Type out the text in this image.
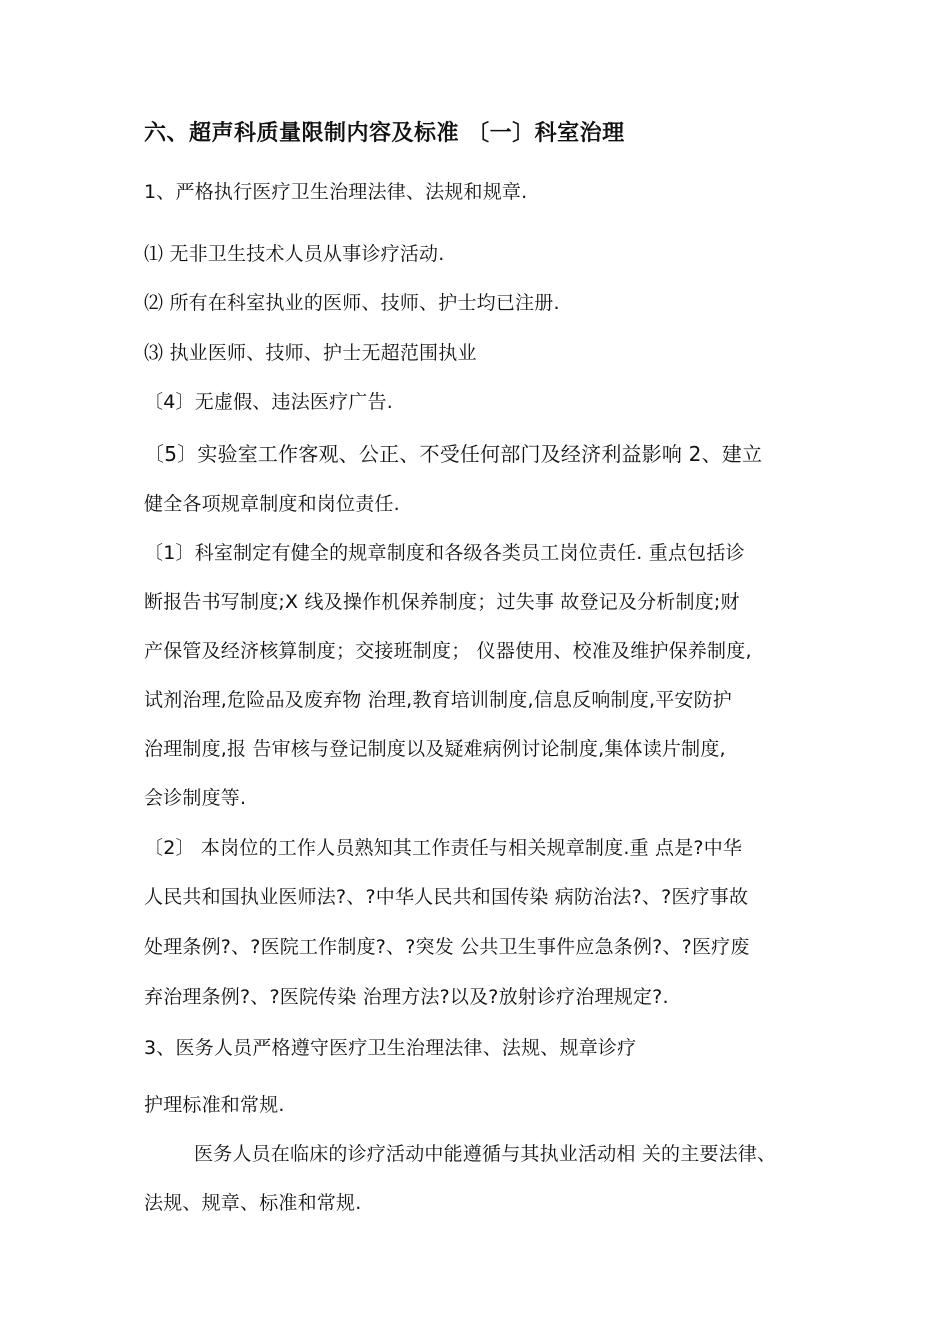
六、超声科质量限制内容及标准 〔一〕科室治理
1、严格执行医疗卫生治理法律、法规和规章.
⑴ 无非卫生技术人员从事诊疗活动.
⑵ 所有在科室执业的医师、技师、护士均已注册.
⑶ 执业医师、技师、护士无超范围执业
〔4〕无虚假、违法医疗广告.
〔5〕实验室工作客观、公正、不受任何部门及经济利益影响 2、建立
健全各项规章制度和岗位责任.
〔1〕科室制定有健全的规章制度和各级各类员工岗位责任. 重点包括诊
断报告书写制度;X 线及操作机保养制度；过失事 故登记及分析制度;财
产保管及经济核算制度；交接班制度； 仪器使用、校准及维护保养制度,
试剂治理,危险品及废弃物 治理,教育培训制度,信息反响制度,平安防护
治理制度,报 告审核与登记制度以及疑难病例讨论制度,集体读片制度,
会诊制度等.
〔2〕 本岗位的工作人员熟知其工作责任与相关规章制度.重 点是?中华
人民共和国执业医师法?、?中华人民共和国传染 病防治法?、?医疗事故
处理条例?、?医院工作制度?、?突发 公共卫生事件应急条例?、?医疗废
弃治理条例?、?医院传染 治理方法?以及?放射诊疗治理规定?.
3、医务人员严格遵守医疗卫生治理法律、法规、规章诊疗
护理标准和常规.
医务人员在临床的诊疗活动中能遵循与其执业活动相 关的主要法律、
法规、规章、标准和常规.
